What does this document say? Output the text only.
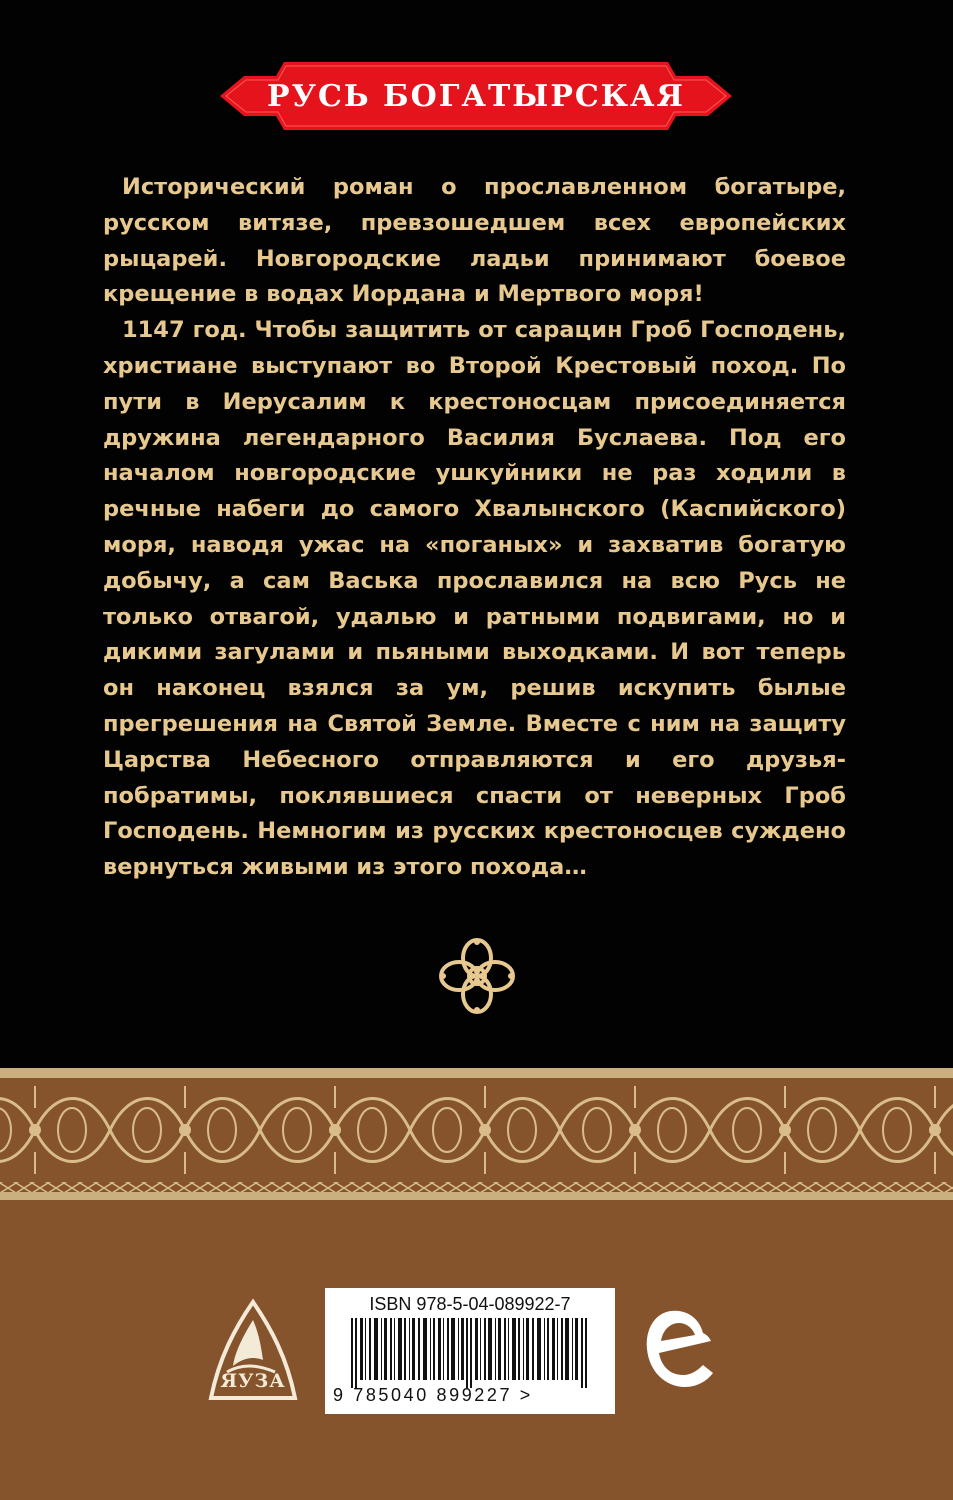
РУСЬ БОГАТЫРСКАЯ

Исторический роман о прославленном богатыре, русском витязе, превзошедшем всех европейских рыцарей. Новгородские ладьи принимают боевое крещение в водах Иордана и Мертвого моря!

1147 год. Чтобы защитить от сарацин Гроб Господень, христиане выступают во Второй Крестовый поход. По пути в Иерусалим к крестоносцам присоединяется дружина легендарного Василия Буслаева. Под его началом новгородские ушкуйники не раз ходили в речные набеги до самого Хвалынского (Каспийского) моря, наводя ужас на «поганых» и захватив богатую добычу, а сам Васька прославился на всю Русь не только отвагой, удалью и ратными подвигами, но и дикими загулами и пьяными выходками. И вот теперь он наконец взялся за ум, решив искупить былые прегрешения на Святой Земле. Вместе с ним на защиту Царства Небесного отправляются и его друзья-побратимы, поклявшиеся спасти от неверных Гроб Господень. Немногим из русских крестоносцев суждено вернуться живыми из этого похода…

ЯУЗА
ISBN 978-5-04-089922-7
9 785040 899227 >
